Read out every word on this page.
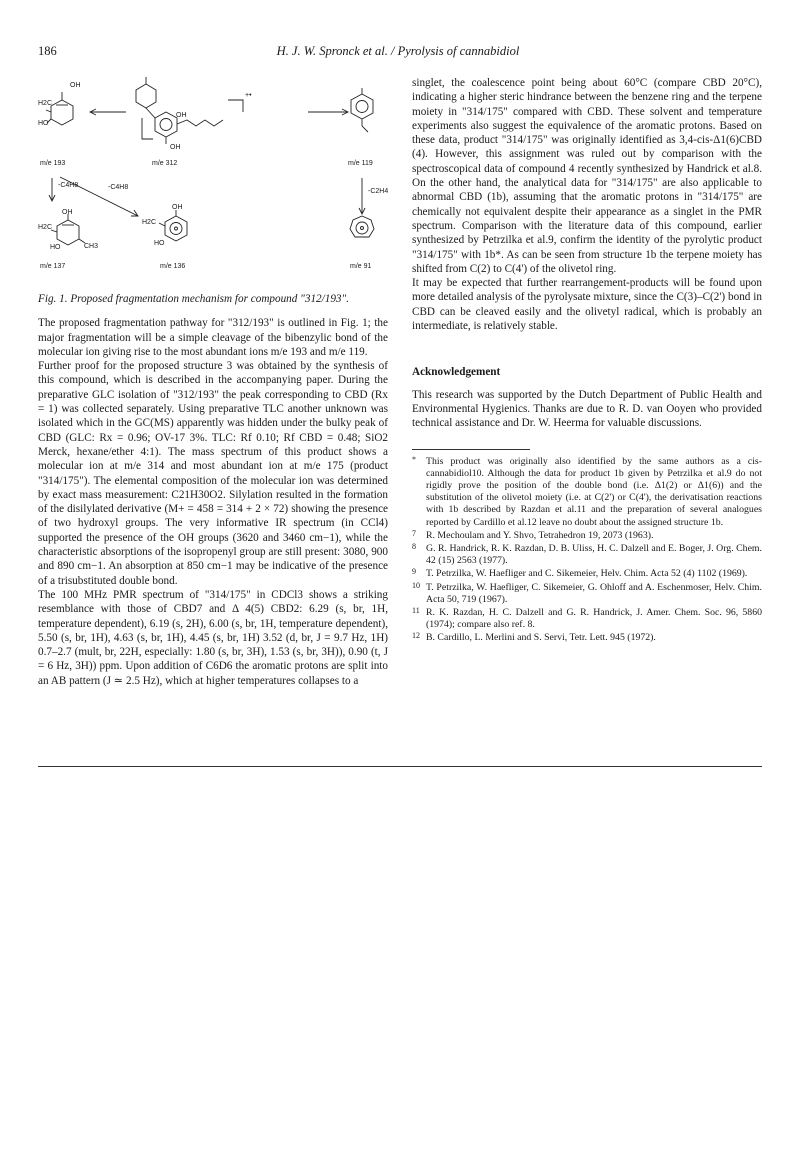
186	H. J. W. Spronck et al. / Pyrolysis of cannabidiol
OH
H2C
HO
OH
OH
OH
H2C
HO	CH3
OH
H2C
HO
+•
-C4H8	-C4H8
-C2H4
m/e 193	m/e 312	m/e 119
m/e 137	m/e 136	m/e 91

Fig. 1. Proposed fragmentation mechanism for compound "312/193".

The proposed fragmentation pathway for "312/193" is outlined in Fig. 1; the major fragmentation will be a simple cleavage of the bibenzylic bond of the molecular ion giving rise to the most abundant ions m/e 193 and m/e 119.

Further proof for the proposed structure 3 was obtained by the synthesis of this compound, which is described in the accompanying paper. During the preparative GLC isolation of "312/193" the peak corresponding to CBD (Rx = 1) was collected separately. Using preparative TLC another unknown was isolated which in the GC(MS) apparently was hidden under the bulky peak of CBD (GLC: Rx = 0.96; OV-17 3%. TLC: Rf 0.10; Rf CBD = 0.48; SiO2 Merck, hexane/ether 4:1). The mass spectrum of this product shows a molecular ion at m/e 314 and most abundant ion at m/e 175 (product "314/175"). The elemental composition of the molecular ion was determined by exact mass measurement: C21H30O2. Silylation resulted in the formation of the disilylated derivative (M+ = 458 = 314 + 2 × 72) showing the presence of two hydroxyl groups. The very informative IR spectrum (in CCl4) supported the presence of the OH groups (3620 and 3460 cm−1), while the characteristic absorptions of the isopropenyl group are still present: 3080, 900 and 890 cm−1. An absorption at 850 cm−1 may be indicative of the presence of a trisubstituted double bond.

The 100 MHz PMR spectrum of "314/175" in CDCl3 shows a striking resemblance with those of CBD7 and Δ 4(5) CBD2: 6.29 (s, br, 1H, temperature dependent), 6.19 (s, 2H), 6.00 (s, br, 1H, temperature dependent), 5.50 (s, br, 1H), 4.63 (s, br, 1H), 4.45 (s, br, 1H) 3.52 (d, br, J = 9.7 Hz, 1H) 0.7–2.7 (mult, br, 22H, especially: 1.80 (s, br, 3H), 1.53 (s, br, 3H)), 0.90 (t, J = 6 Hz, 3H)) ppm. Upon addition of C6D6 the aromatic protons are split into an AB pattern (J ≃ 2.5 Hz), which at higher temperatures collapses to a

singlet, the coalescence point being about 60°C (compare CBD 20°C), indicating a higher steric hindrance between the benzene ring and the terpene moiety in "314/175" compared with CBD. These solvent and temperature experiments also suggest the equivalence of the aromatic protons. Based on these data, product "314/175" was originally identified as 3,4-cis-Δ1(6)CBD (4). However, this assignment was ruled out by comparison with the spectroscopical data of compound 4 recently synthesized by Handrick et al.8. On the other hand, the analytical data for "314/175" are also applicable to abnormal CBD (1b), assuming that the aromatic protons in "314/175" are chemically not equivalent despite their appearance as a singlet in the PMR spectrum. Comparison with the literature data of this compound, earlier synthesized by Petrzilka et al.9, confirm the identity of the pyrolytic product "314/175" with 1b*. As can be seen from structure 1b the terpene moiety has shifted from C(2) to C(4') of the olivetol ring.

It may be expected that further rearrangement-products will be found upon more detailed analysis of the pyrolysate mixture, since the C(3)–C(2') bond in CBD can be cleaved easily and the olivetyl radical, which is probably an intermediate, is relatively stable.

Acknowledgement

This research was supported by the Dutch Department of Public Health and Environmental Hygienics. Thanks are due to R. D. van Ooyen who provided technical assistance and Dr. W. Heerma for valuable discussions.

*	This product was originally also identified by the same authors as a cis-cannabidiol10. Although the data for product 1b given by Petrzilka et al.9 do not rigidly prove the position of the double bond (i.e. Δ1(2) or Δ1(6)) and the substitution of the olivetol moiety (i.e. at C(2') or C(4'), the derivatisation reactions with 1b described by Razdan et al.11 and the preparation of several analogues reported by Cardillo et al.12 leave no doubt about the assigned structure 1b.
7	R. Mechoulam and Y. Shvo, Tetrahedron 19, 2073 (1963).
8	G. R. Handrick, R. K. Razdan, D. B. Uliss, H. C. Dalzell and E. Boger, J. Org. Chem. 42 (15) 2563 (1977).
9	T. Petrzilka, W. Haefliger and C. Sikemeier, Helv. Chim. Acta 52 (4) 1102 (1969).
10 T. Petrzilka, W. Haefliger, C. Sikemeier, G. Ohloff and A. Eschenmoser, Helv. Chim. Acta 50, 719 (1967).
11 R. K. Razdan, H. C. Dalzell and G. R. Handrick, J. Amer. Chem. Soc. 96, 5860 (1974); compare also ref. 8.
12 B. Cardillo, L. Merlini and S. Servi, Tetr. Lett. 945 (1972).
